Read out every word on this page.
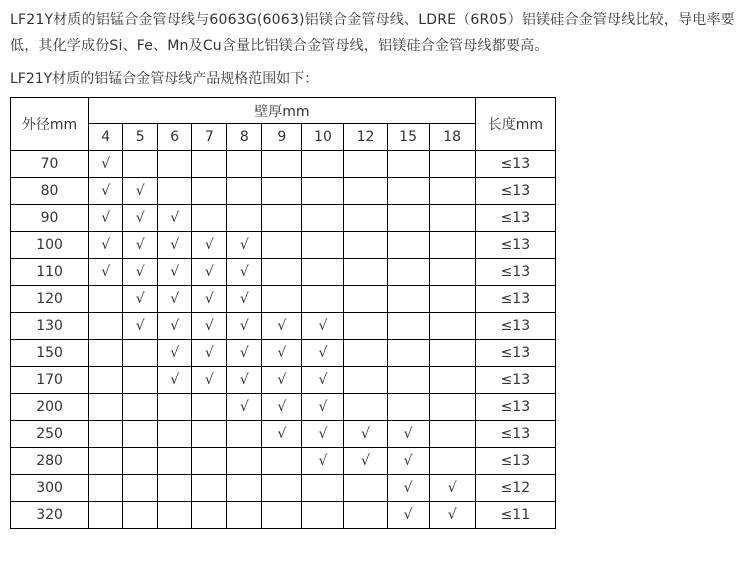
LF21Y材质的铝锰合金管母线与6063G(6063)铝镁合金管母线、LDRE（6R05）铝镁硅合金管母线比较，导电率要低，其化学成份Si、Fe、Mn及Cu含量比铝镁合金管母线，铝镁硅合金管母线都要高。

LF21Y材质的铝锰合金管母线产品规格范围如下：

外径mm	壁厚mm										长度mm
	4	5	6	7	8	9	10	12	15	18	
70	√										≤13
80	√	√									≤13
90	√	√	√								≤13
100	√	√	√	√	√						≤13
110	√	√	√	√	√						≤13
120		√	√	√	√						≤13
130		√	√	√	√	√	√				≤13
150			√	√	√	√	√				≤13
170			√	√	√	√	√				≤13
200					√	√	√				≤13
250						√	√	√	√		≤13
280							√	√	√		≤13
300									√	√	≤12
320									√	√	≤11
